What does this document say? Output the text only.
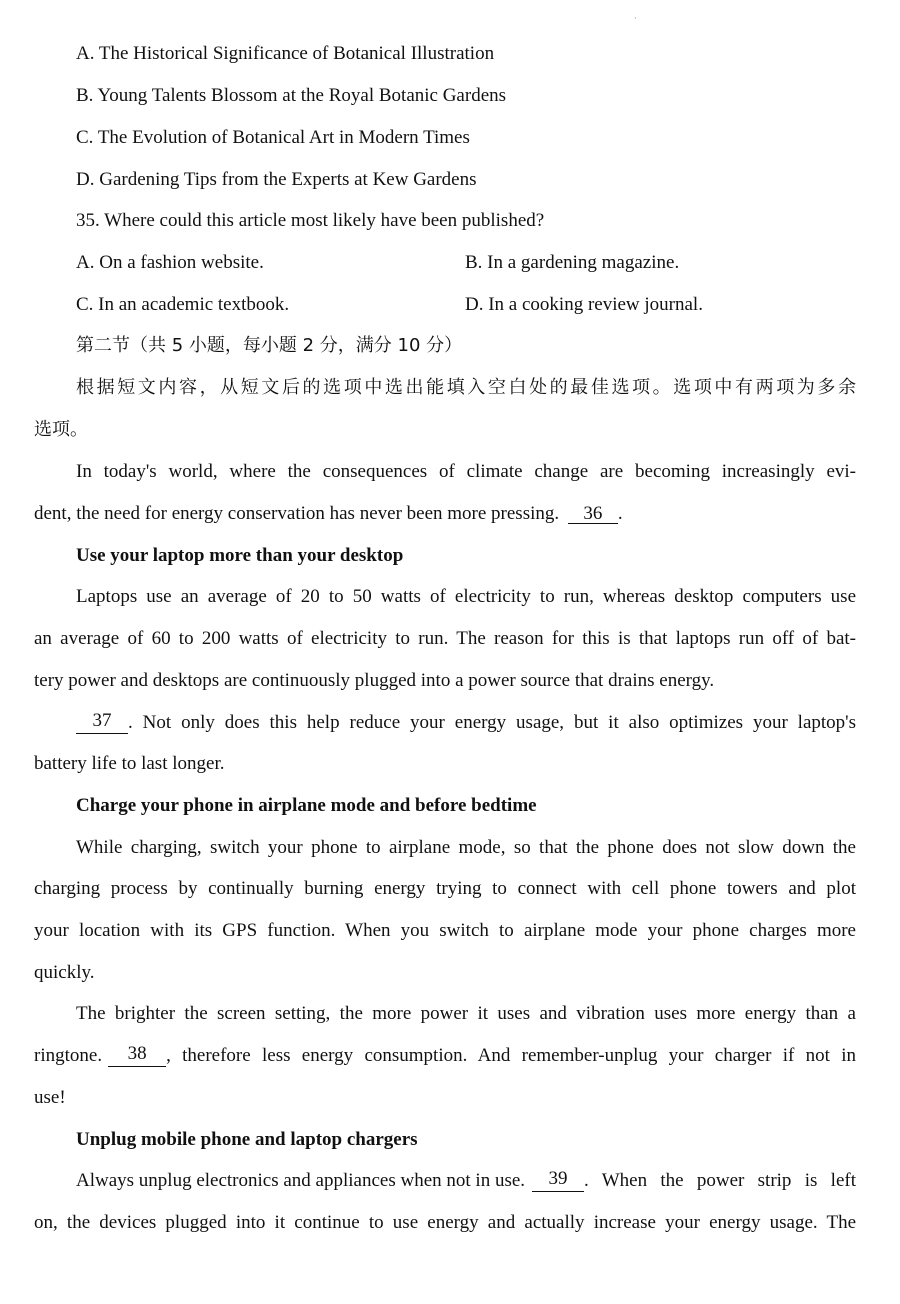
·
A. The Historical Significance of Botanical Illustration
B. Young Talents Blossom at the Royal Botanic Gardens
C. The Evolution of Botanical Art in Modern Times
D. Gardening Tips from the Experts at Kew Gardens
35. Where could this article most likely have been published?
A. On a fashion website.	B. In a gardening magazine.
C. In an academic textbook.	D. In a cooking review journal.
第二节（共 5 小题，每小题 2 分，满分 10 分）
根据短文内容，从短文后的选项中选出能填入空白处的最佳选项。选项中有两项为多余
选项。
In today's world, where the consequences of climate change are becoming increasingly evi-
dent, the need for energy conservation has never been more pressing. 36 .
Use your laptop more than your desktop
Laptops use an average of 20 to 50 watts of electricity to run, whereas desktop computers use
an average of 60 to 200 watts of electricity to run. The reason for this is that laptops run off of bat-
tery power and desktops are continuously plugged into a power source that drains energy.
37 . Not only does this help reduce your energy usage, but it also optimizes your laptop's
battery life to last longer.
Charge your phone in airplane mode and before bedtime
While charging, switch your phone to airplane mode, so that the phone does not slow down the
charging process by continually burning energy trying to connect with cell phone towers and plot
your location with its GPS function. When you switch to airplane mode your phone charges more
quickly.
The brighter the screen setting, the more power it uses and vibration uses more energy than a
ringtone.	38	, therefore less energy consumption. And remember-unplug your charger if not in
use!
Unplug mobile phone and laptop chargers
Always unplug electronics and appliances when not in use.	39 . When the power strip is left
on, the devices plugged into it continue to use energy and actually increase your energy usage. The
